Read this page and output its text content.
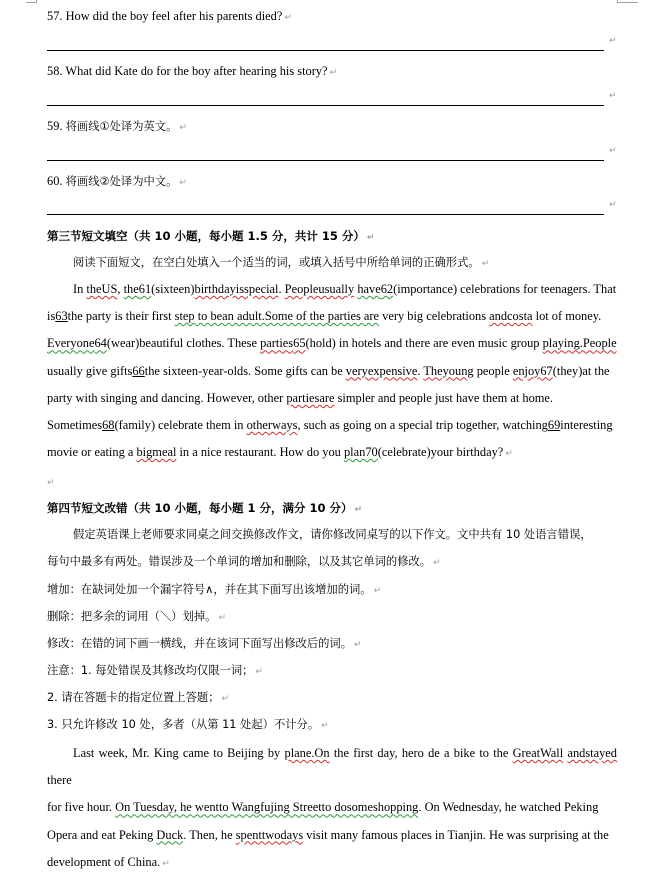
57. How did the boy feel after his parents died? ↵
↵
58. What did Kate do for the boy after hearing his story? ↵
↵
59. 将画线①处译为英文。 ↵
↵
60. 将画线②处译为中文。 ↵
↵
第三节短文填空（共 10 小题，每小题 1.5 分，共计 15 分） ↵
阅读下面短文，在空白处填入一个适当的词，或填入括号中所给单词的正确形式。 ↵
In theUS, the61(sixteen)birthdayisspecial. Peopleusually have62(importance) celebrations for teenagers. That
is63the party is their first step to bean adult.Some of the parties are very big celebrations andcosta lot of money.
Everyone64(wear)beautiful clothes. These parties65(hold) in hotels and there are even music group playing.People
usually give gifts66the sixteen-year-olds. Some gifts can be veryexpensive. Theyoung people enjoy67(they)at the
party with singing and dancing. However, other partiesare simpler and people just have them at home.
Sometimes68(family) celebrate them in otherways, such as going on a special trip together, watching69interesting
movie or eating a bigmeal in a nice restaurant. How do you plan70(celebrate)your birthday? ↵
↵
第四节短文改错（共 10 小题，每小题 1 分，满分 10 分） ↵
假定英语课上老师要求同桌之间交换修改作文，请你修改同桌写的以下作文。文中共有 10 处语言错误，
每句中最多有两处。错误涉及一个单词的增加和删除，以及其它单词的修改。 ↵
增加：在缺词处加一个漏字符号∧，并在其下面写出该增加的词。 ↵
删除：把多余的词用（＼）划掉。 ↵
修改：在错的词下画一横线，并在该词下面写出修改后的词。 ↵
注意：1. 每处错误及其修改均仅限一词； ↵
2. 请在答题卡的指定位置上答题； ↵
3. 只允许修改 10 处，多者（从第 11 处起）不计分。 ↵
Last week, Mr. King came to Beijing by plane.On the first day, hero de a bike to the GreatWall andstayed there
for five hour. On Tuesday, he wentto Wangfujing Streetto dosomeshopping. On Wednesday, he watched Peking
Opera and eat Peking Duck. Then, he spenttwodays visit many famous places in Tianjin. He was surprising at the
development of China. ↵
